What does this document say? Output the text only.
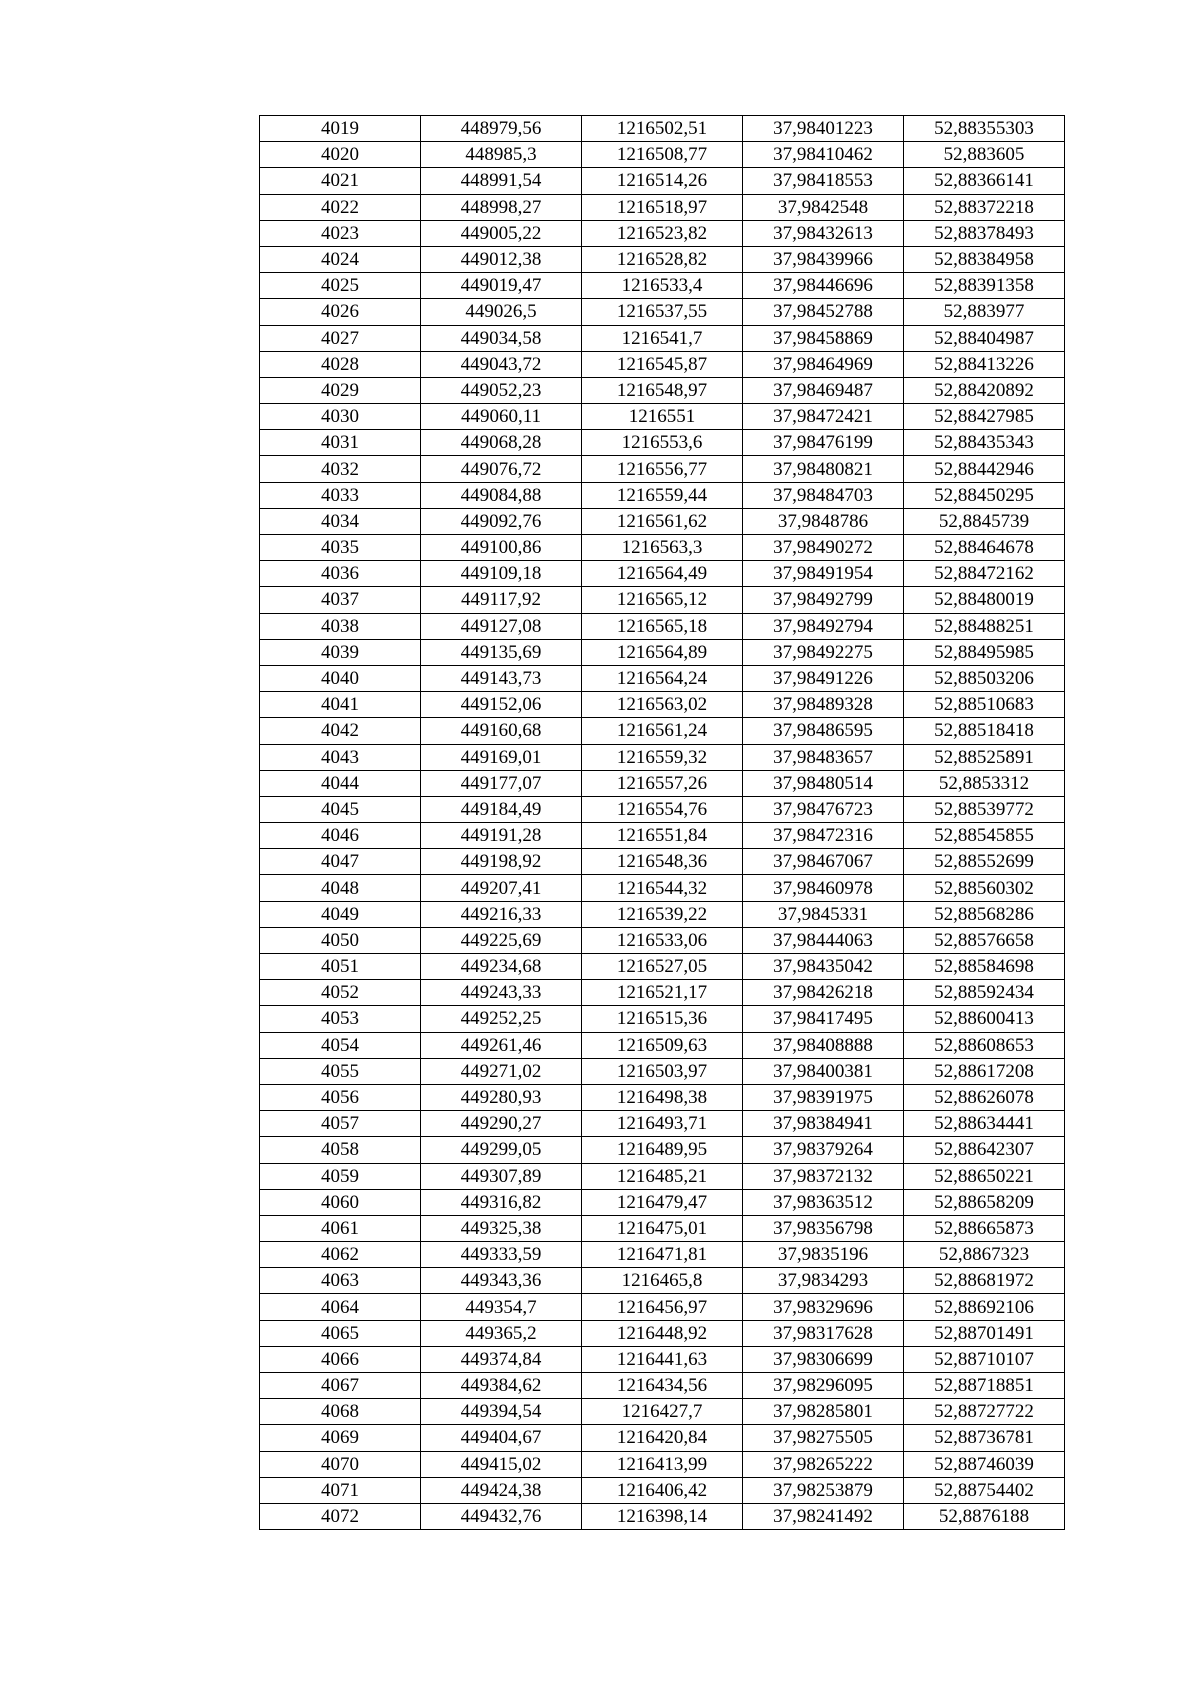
4019	448979,56	1216502,51	37,98401223	52,88355303
4020	448985,3	1216508,77	37,98410462	52,883605
4021	448991,54	1216514,26	37,98418553	52,88366141
4022	448998,27	1216518,97	37,9842548	52,88372218
4023	449005,22	1216523,82	37,98432613	52,88378493
4024	449012,38	1216528,82	37,98439966	52,88384958
4025	449019,47	1216533,4	37,98446696	52,88391358
4026	449026,5	1216537,55	37,98452788	52,883977
4027	449034,58	1216541,7	37,98458869	52,88404987
4028	449043,72	1216545,87	37,98464969	52,88413226
4029	449052,23	1216548,97	37,98469487	52,88420892
4030	449060,11	1216551	37,98472421	52,88427985
4031	449068,28	1216553,6	37,98476199	52,88435343
4032	449076,72	1216556,77	37,98480821	52,88442946
4033	449084,88	1216559,44	37,98484703	52,88450295
4034	449092,76	1216561,62	37,9848786	52,8845739
4035	449100,86	1216563,3	37,98490272	52,88464678
4036	449109,18	1216564,49	37,98491954	52,88472162
4037	449117,92	1216565,12	37,98492799	52,88480019
4038	449127,08	1216565,18	37,98492794	52,88488251
4039	449135,69	1216564,89	37,98492275	52,88495985
4040	449143,73	1216564,24	37,98491226	52,88503206
4041	449152,06	1216563,02	37,98489328	52,88510683
4042	449160,68	1216561,24	37,98486595	52,88518418
4043	449169,01	1216559,32	37,98483657	52,88525891
4044	449177,07	1216557,26	37,98480514	52,8853312
4045	449184,49	1216554,76	37,98476723	52,88539772
4046	449191,28	1216551,84	37,98472316	52,88545855
4047	449198,92	1216548,36	37,98467067	52,88552699
4048	449207,41	1216544,32	37,98460978	52,88560302
4049	449216,33	1216539,22	37,9845331	52,88568286
4050	449225,69	1216533,06	37,98444063	52,88576658
4051	449234,68	1216527,05	37,98435042	52,88584698
4052	449243,33	1216521,17	37,98426218	52,88592434
4053	449252,25	1216515,36	37,98417495	52,88600413
4054	449261,46	1216509,63	37,98408888	52,88608653
4055	449271,02	1216503,97	37,98400381	52,88617208
4056	449280,93	1216498,38	37,98391975	52,88626078
4057	449290,27	1216493,71	37,98384941	52,88634441
4058	449299,05	1216489,95	37,98379264	52,88642307
4059	449307,89	1216485,21	37,98372132	52,88650221
4060	449316,82	1216479,47	37,98363512	52,88658209
4061	449325,38	1216475,01	37,98356798	52,88665873
4062	449333,59	1216471,81	37,9835196	52,8867323
4063	449343,36	1216465,8	37,9834293	52,88681972
4064	449354,7	1216456,97	37,98329696	52,88692106
4065	449365,2	1216448,92	37,98317628	52,88701491
4066	449374,84	1216441,63	37,98306699	52,88710107
4067	449384,62	1216434,56	37,98296095	52,88718851
4068	449394,54	1216427,7	37,98285801	52,88727722
4069	449404,67	1216420,84	37,98275505	52,88736781
4070	449415,02	1216413,99	37,98265222	52,88746039
4071	449424,38	1216406,42	37,98253879	52,88754402
4072	449432,76	1216398,14	37,98241492	52,8876188
